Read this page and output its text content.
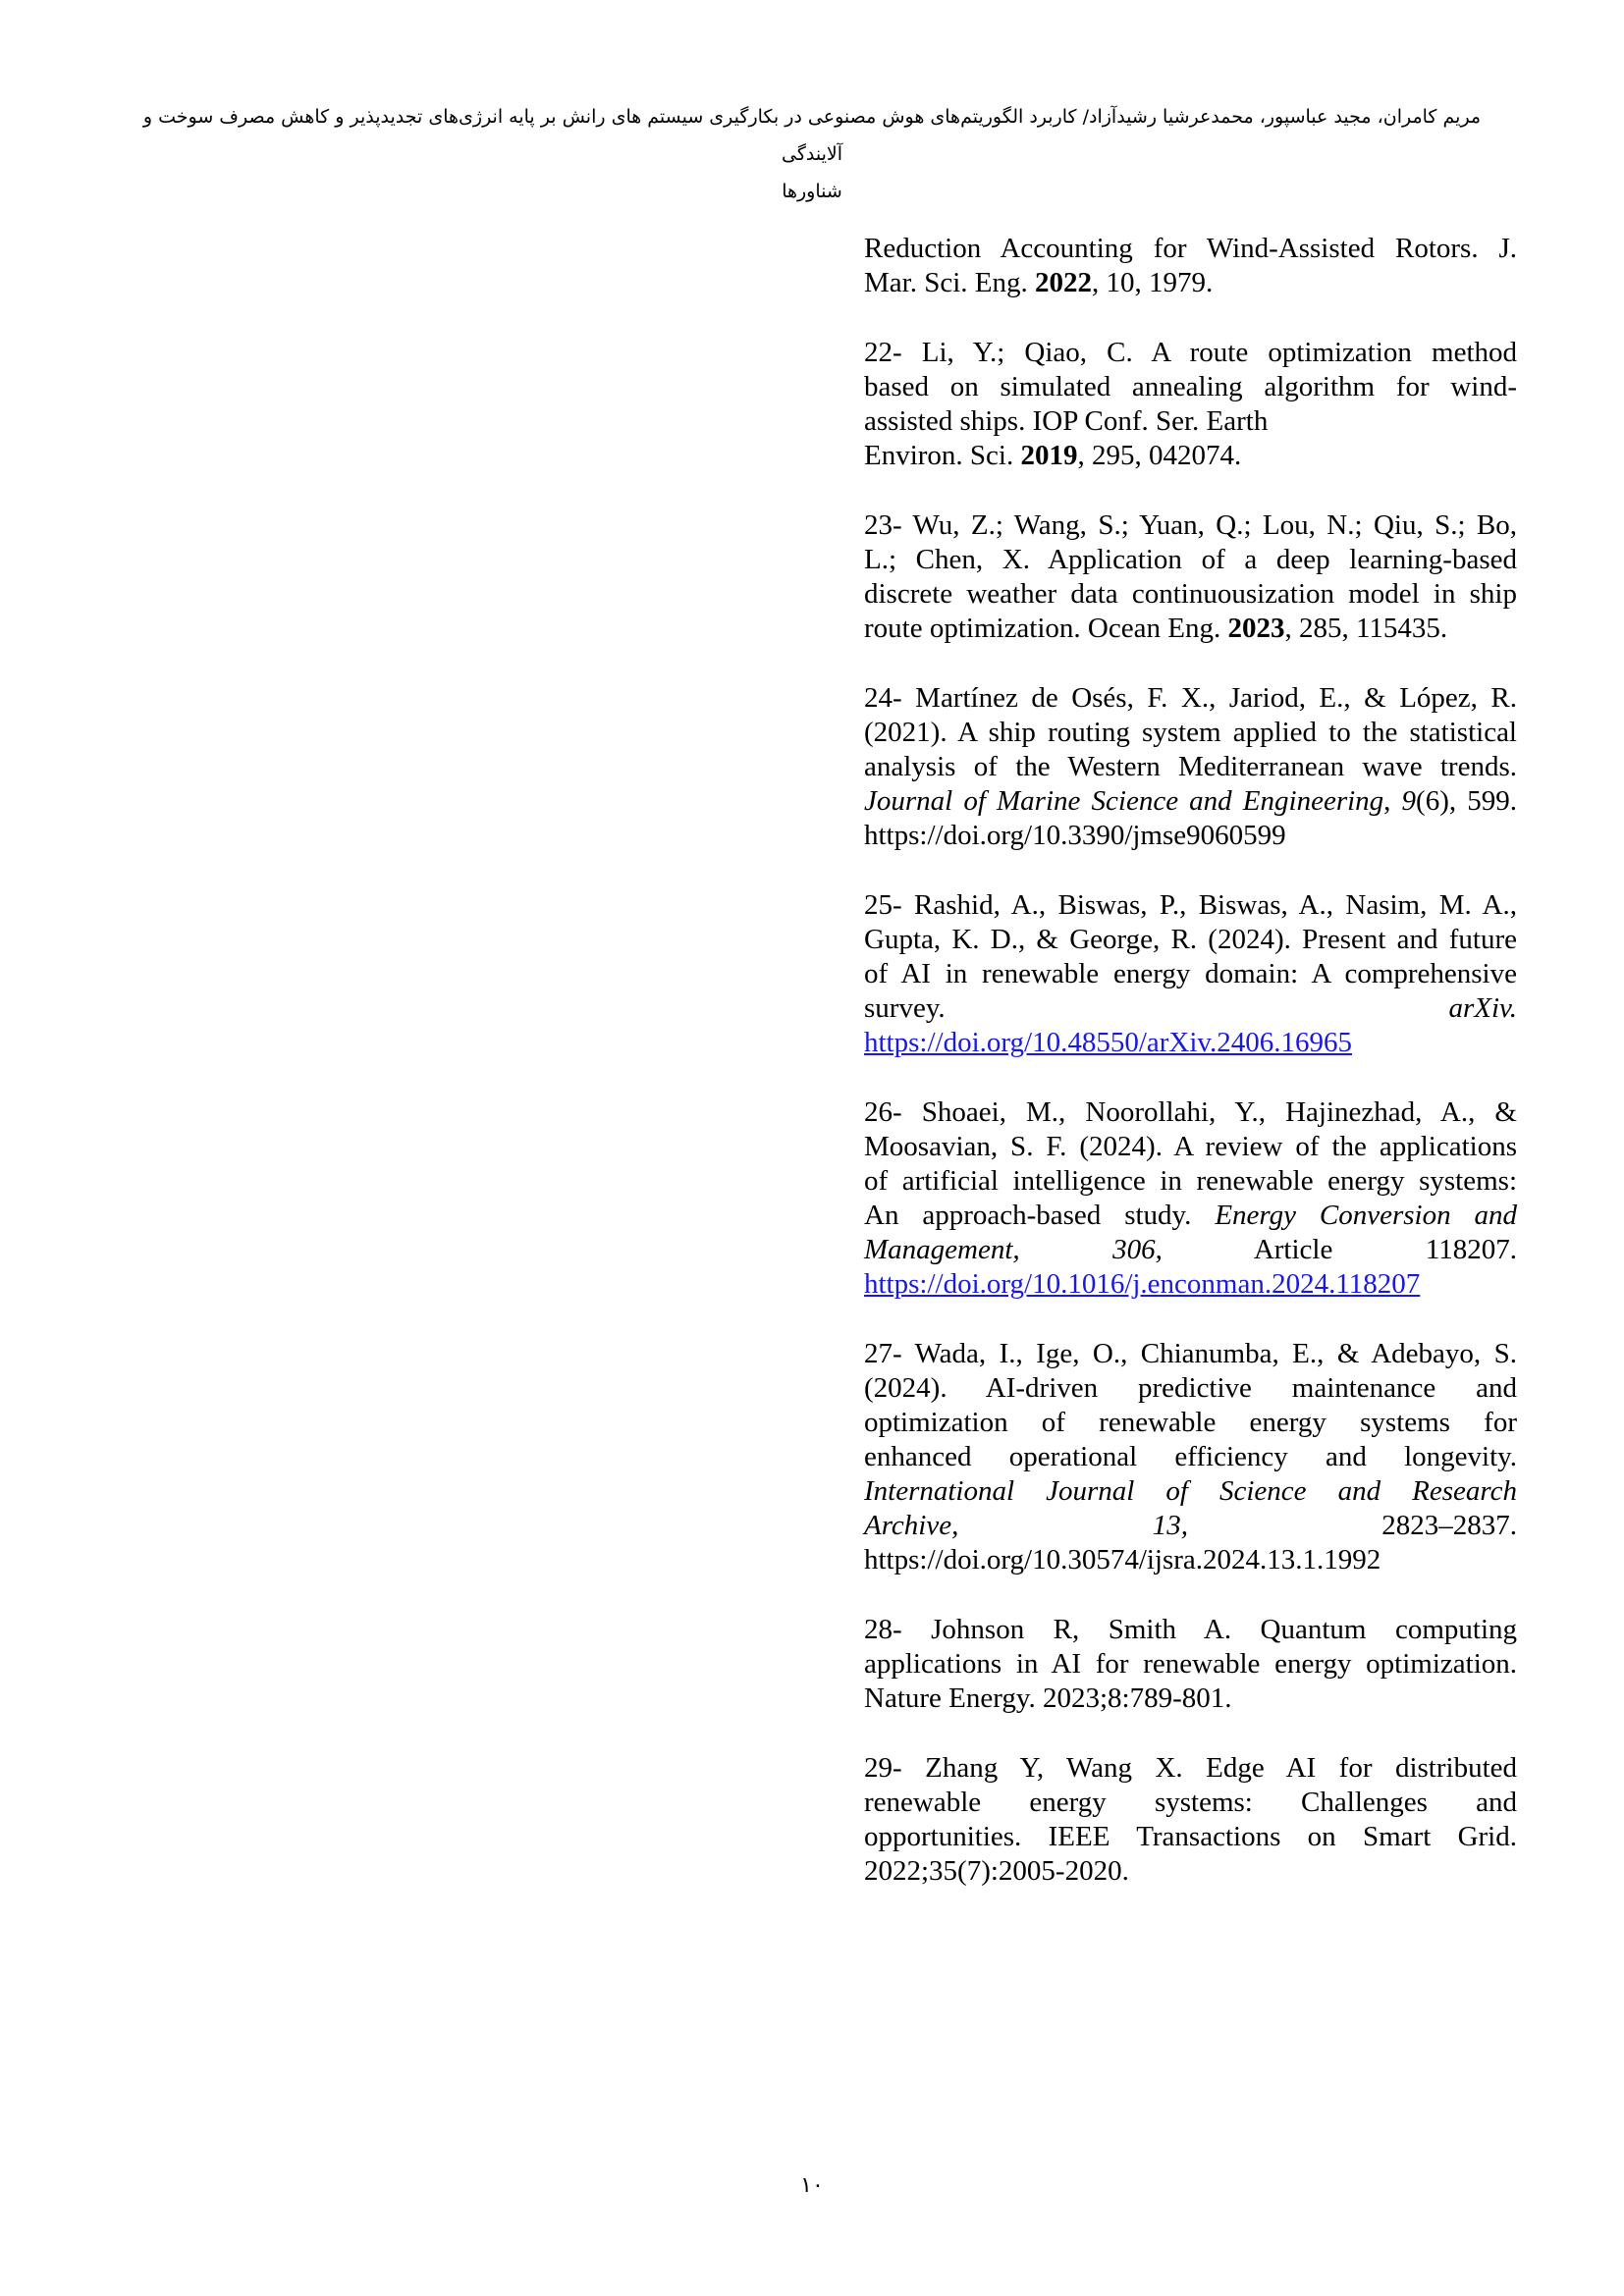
مریم کامران، مجید عباسپور، محمدعرشیا رشیدآزاد/ کاربرد الگوریتم‌های هوش مصنوعی در بکارگیری سیستم های رانش بر پایه انرژی‌های تجدیدپذیر و کاهش مصرف سوخت و آلایندگی
شناورها
Reduction Accounting for Wind-Assisted Rotors. J.
Mar. Sci. Eng. 2022, 10, 1979.
22- Li, Y.; Qiao, C. A route optimization method
based on simulated annealing algorithm for wind-
assisted ships. IOP Conf. Ser. Earth
Environ. Sci. 2019, 295, 042074.
23- Wu, Z.; Wang, S.; Yuan, Q.; Lou, N.; Qiu, S.; Bo,
L.; Chen, X. Application of a deep learning-based
discrete weather data continuousization model in ship
route optimization. Ocean Eng. 2023, 285, 115435.
24- Martínez de Osés, F. X., Jariod, E., & López, R.
(2021). A ship routing system applied to the statistical
analysis of the Western Mediterranean wave trends.
Journal of Marine Science and Engineering, 9(6), 599.
https://doi.org/10.3390/jmse9060599
25- Rashid, A., Biswas, P., Biswas, A., Nasim, M. A.,
Gupta, K. D., & George, R. (2024). Present and future
of AI in renewable energy domain: A comprehensive
survey.	arXiv.
https://doi.org/10.48550/arXiv.2406.16965
26- Shoaei, M., Noorollahi, Y., Hajinezhad, A., &
Moosavian, S. F. (2024). A review of the applications
of artificial intelligence in renewable energy systems:
An approach-based study. Energy Conversion and
Management,	306,	Article	118207.
https://doi.org/10.1016/j.enconman.2024.118207
27- Wada, I., Ige, O., Chianumba, E., & Adebayo, S.
(2024). AI-driven predictive maintenance and
optimization of renewable energy systems for
enhanced operational efficiency and longevity.
International Journal of Science and Research
Archive,	13,	2823–2837.
https://doi.org/10.30574/ijsra.2024.13.1.1992
28- Johnson R, Smith A. Quantum computing
applications in AI for renewable energy optimization.
Nature Energy. 2023;8:789-801.
29- Zhang Y, Wang X. Edge AI for distributed
renewable energy systems: Challenges and
opportunities. IEEE Transactions on Smart Grid.
2022;35(7):2005-2020.
۱۰
